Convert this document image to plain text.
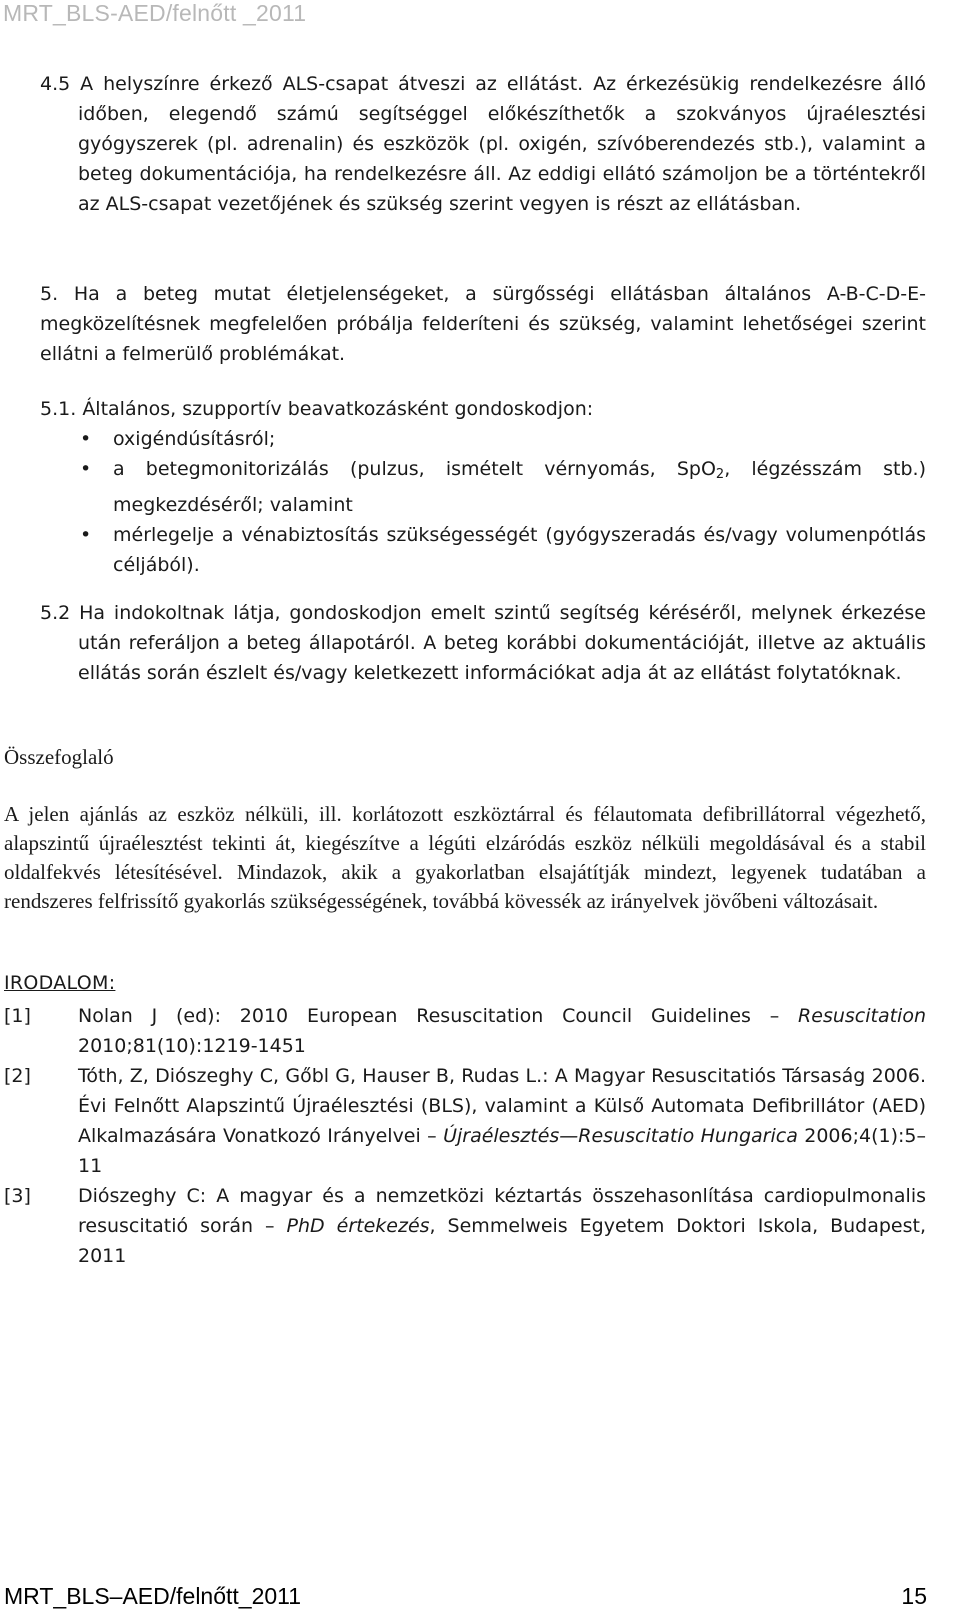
MRT_BLS-AED/felnőtt _2011
4.5 A helyszínre érkező ALS-csapat átveszi az ellátást. Az érkezésükig rendelkezésre álló időben, elegendő számú segítséggel előkészíthetők a szokványos újraélesztési gyógyszerek (pl. adrenalin) és eszközök (pl. oxigén, szívóberendezés stb.), valamint a beteg dokumentációja, ha rendelkezésre áll. Az eddigi ellátó számoljon be a történtekről az ALS-csapat vezetőjének és szükség szerint vegyen is részt az ellátásban.
5. Ha a beteg mutat életjelenségeket, a sürgősségi ellátásban általános A-B-C-D-E-megközelítésnek megfelelően próbálja felderíteni és szükség, valamint lehetőségei szerint ellátni a felmerülő problémákat.
5.1. Általános, szupportív beavatkozásként gondoskodjon:
• oxigéndúsításról;
• a betegmonitorizálás (pulzus, ismételt vérnyomás, SpO$_2$, légzésszám stb.) megkezdéséről; valamint
• mérlegelje a vénabiztosítás szükségességét (gyógyszeradás és/vagy volumenpótlás céljából).
5.2 Ha indokoltnak látja, gondoskodjon emelt szintű segítség kéréséről, melynek érkezése után referáljon a beteg állapotáról. A beteg korábbi dokumentációját, illetve az aktuális ellátás során észlelt és/vagy keletkezett információkat adja át az ellátást folytatóknak.
Összefoglaló
A jelen ajánlás az eszköz nélküli, ill. korlátozott eszköztárral és félautomata defibrillátorral végezhető, alapszintű újraélesztést tekinti át, kiegészítve a légúti elzáródás eszköz nélküli megoldásával és a stabil oldalfekvés létesítésével. Mindazok, akik a gyakorlatban elsajátítják mindezt, legyenek tudatában a rendszeres felfrissítő gyakorlás szükségességének, továbbá kövessék az irányelvek jövőbeni változásait.
IRODALOM:
[1] Nolan J (ed): 2010 European Resuscitation Council Guidelines – Resuscitation 2010;81(10):1219-1451
[2] Tóth, Z, Diószeghy C, Gőbl G, Hauser B, Rudas L.: A Magyar Resuscitatiós Társaság 2006. Évi Felnőtt Alapszintű Újraélesztési (BLS), valamint a Külső Automata Defibrillátor (AED) Alkalmazására Vonatkozó Irányelvei – Újraélesztés—Resuscitatio Hungarica 2006;4(1):5–11
[3] Diószeghy C: A magyar és a nemzetközi kéztartás összehasonlítása cardiopulmonalis resuscitatió során – PhD értekezés, Semmelweis Egyetem Doktori Iskola, Budapest, 2011
MRT_BLS–AED/felnőtt_2011	15
